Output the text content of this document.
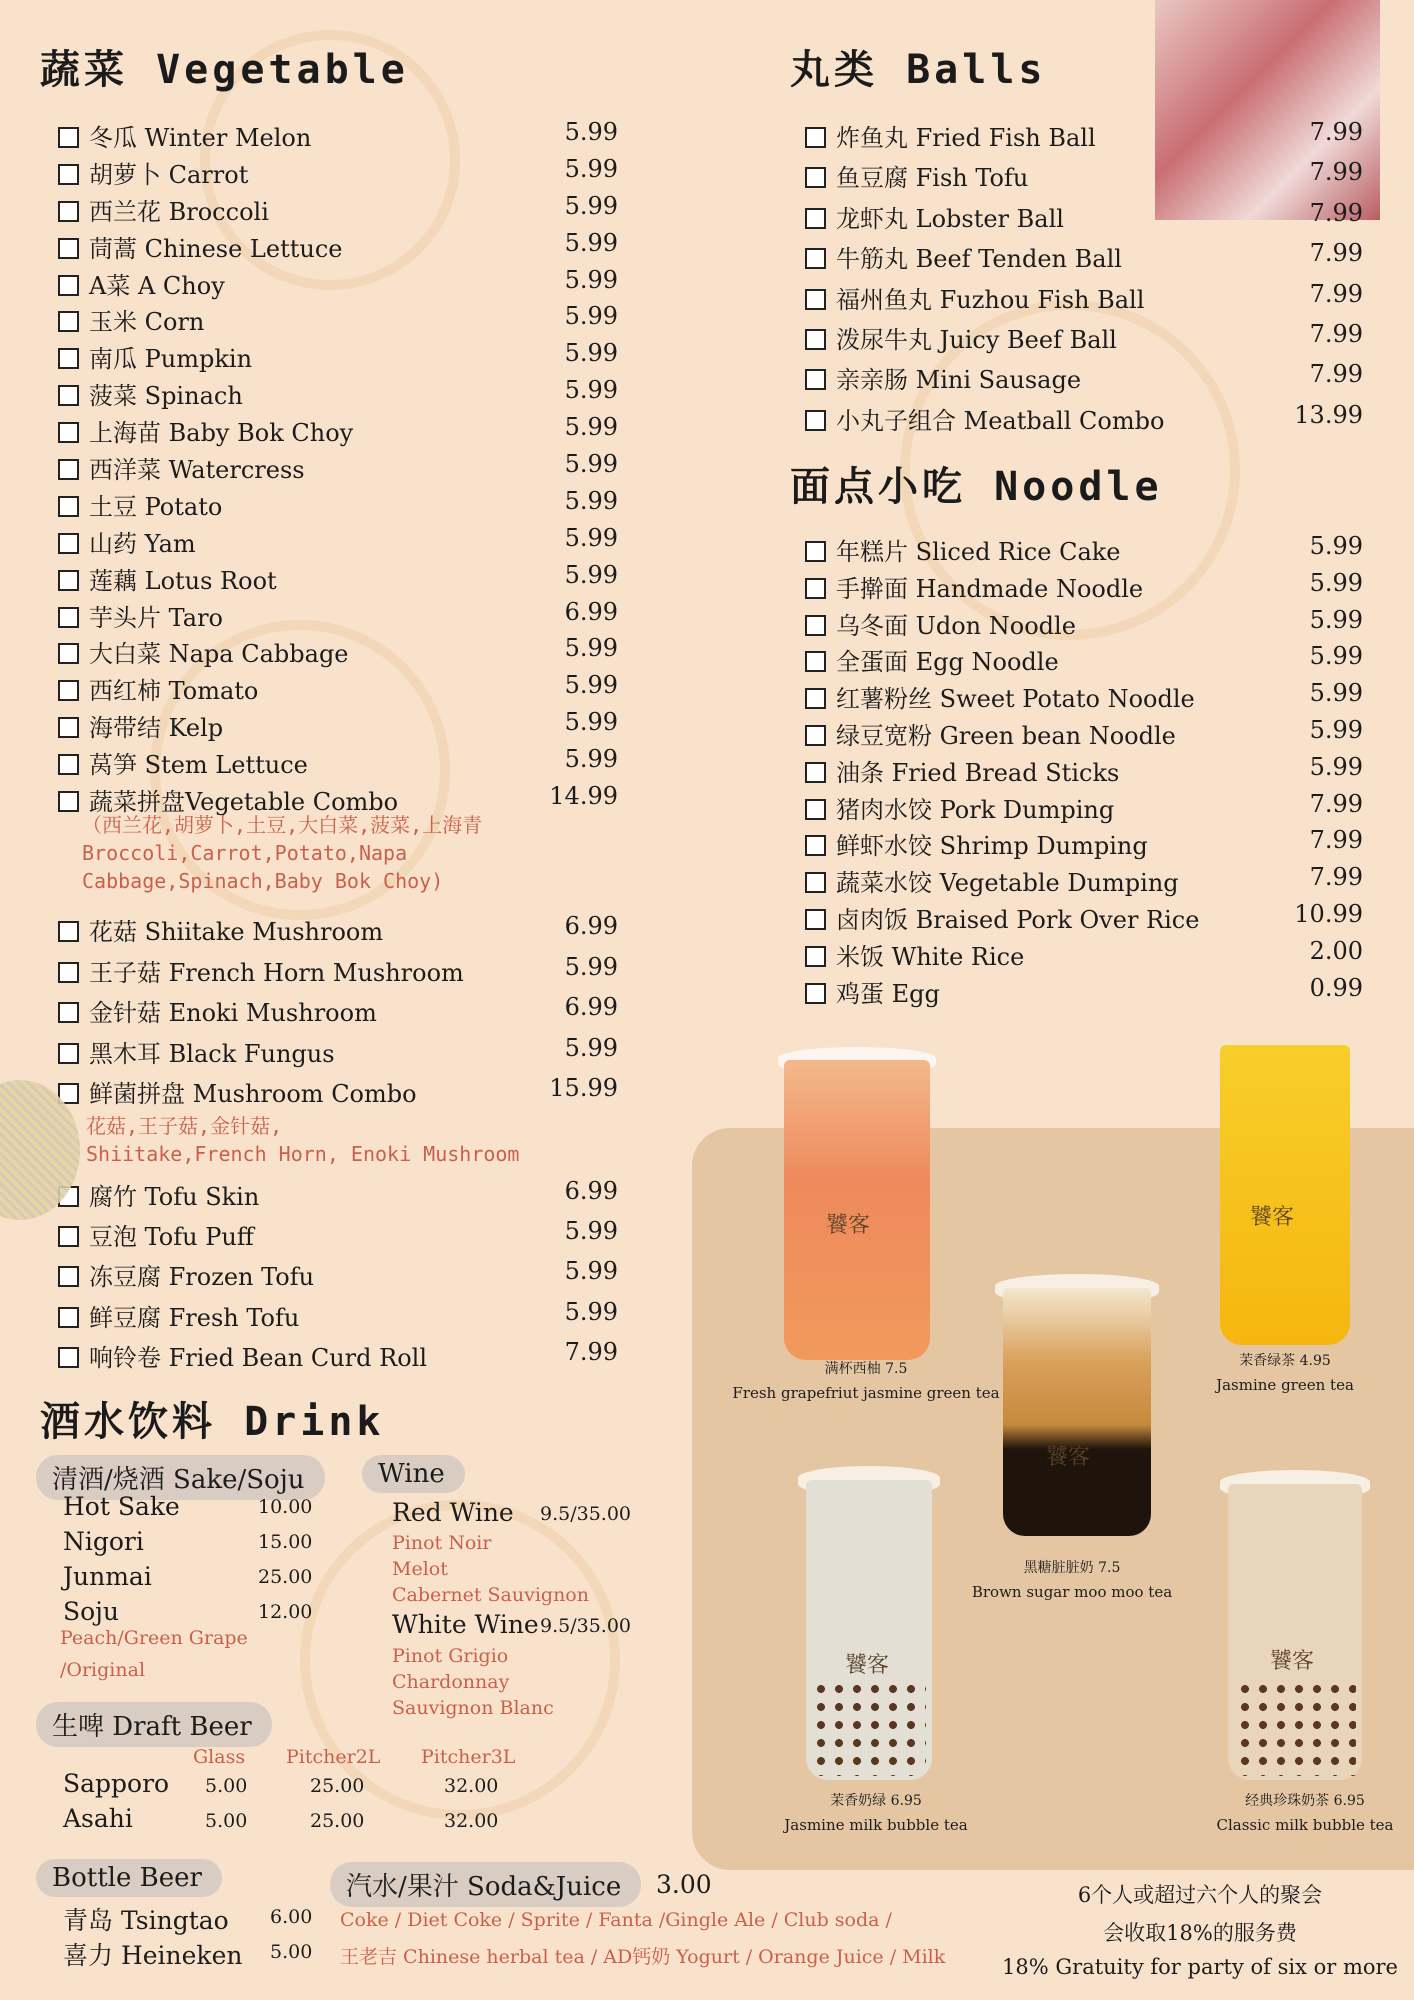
蔬菜 Vegetable	丸类 Balls
面点小吃 Noodle
酒水饮料 Drink
冬瓜 Winter Melon	5.99
胡萝卜 Carrot	5.99
西兰花 Broccoli	5.99
茼蒿 Chinese Lettuce	5.99
A菜 A Choy	5.99
玉米 Corn	5.99
南瓜 Pumpkin	5.99
菠菜 Spinach	5.99
上海苗 Baby Bok Choy	5.99
西洋菜 Watercress	5.99
土豆 Potato	5.99
山药 Yam	5.99
莲藕 Lotus Root	5.99
芋头片 Taro	6.99
大白菜 Napa Cabbage	5.99
西红柿 Tomato	5.99
海带结 Kelp	5.99
莴笋 Stem Lettuce	5.99
蔬菜拼盘Vegetable Combo	14.99
（西兰花,胡萝卜,土豆,大白菜,菠菜,上海青
Broccoli,Carrot,Potato,Napa
Cabbage,Spinach,Baby Bok Choy)
花菇 Shiitake Mushroom	6.99
王子菇 French Horn Mushroom	5.99
金针菇 Enoki Mushroom	6.99
黑木耳 Black Fungus	5.99
鲜菌拼盘 Mushroom Combo	15.99
花菇,王子菇,金针菇,
Shiitake,French Horn, Enoki Mushroom
腐竹 Tofu Skin	6.99
豆泡 Tofu Puff	5.99
冻豆腐 Frozen Tofu	5.99
鲜豆腐 Fresh Tofu	5.99
响铃卷 Fried Bean Curd Roll	7.99
炸鱼丸 Fried Fish Ball	7.99
鱼豆腐 Fish Tofu	7.99
龙虾丸 Lobster Ball	7.99
牛筋丸 Beef Tenden Ball	7.99
福州鱼丸 Fuzhou Fish Ball	7.99
泼尿牛丸 Juicy Beef Ball	7.99
亲亲肠 Mini Sausage	7.99
小丸子组合 Meatball Combo	13.99
年糕片 Sliced Rice Cake	5.99
手擀面 Handmade Noodle	5.99
乌冬面 Udon Noodle	5.99
全蛋面 Egg Noodle	5.99
红薯粉丝 Sweet Potato Noodle	5.99
绿豆宽粉 Green bean Noodle	5.99
油条 Fried Bread Sticks	5.99
猪肉水饺 Pork Dumping	7.99
鲜虾水饺 Shrimp Dumping	7.99
蔬菜水饺 Vegetable Dumping	7.99
卤肉饭 Braised Pork Over Rice	10.99
米饭 White Rice	2.00
鸡蛋 Egg	0.99
清酒/烧酒 Sake/Soju
Hot Sake	10.00
Nigori	15.00
Junmai	25.00
Soju	12.00
Peach/Green Grape
/Original
Wine
Red Wine 9.5/35.00
Pinot Noir
Melot
Cabernet Sauvignon
White Wine 9.5/35.00
Pinot Grigio
Chardonnay
Sauvignon Blanc
生啤 Draft Beer
Glass Pitcher2L Pitcher3L
Sapporo 5.00	25.00	32.00
Asahi	5.00	25.00	32.00
Bottle Beer
青岛 Tsingtao 6.00
喜力 Heineken 5.00
汽水/果汁 Soda&Juice	3.00
Coke / Diet Coke / Sprite / Fanta /Gingle Ale / Club soda /
王老吉 Chinese herbal tea / AD钙奶 Yogurt / Orange Juice / Milk
饕客	饕客
饕客
饕客	饕客
满杯西柚 7.5
Fresh grapefriut jasmine green tea
茉香绿茶 4.95
Jasmine green tea
黑糖脏脏奶 7.5
Brown sugar moo moo tea
茉香奶绿 6.95
Jasmine milk bubble tea
经典珍珠奶茶 6.95
Classic milk bubble tea
6个人或超过六个人的聚会
会收取18%的服务费
18% Gratuity for party of six or more
